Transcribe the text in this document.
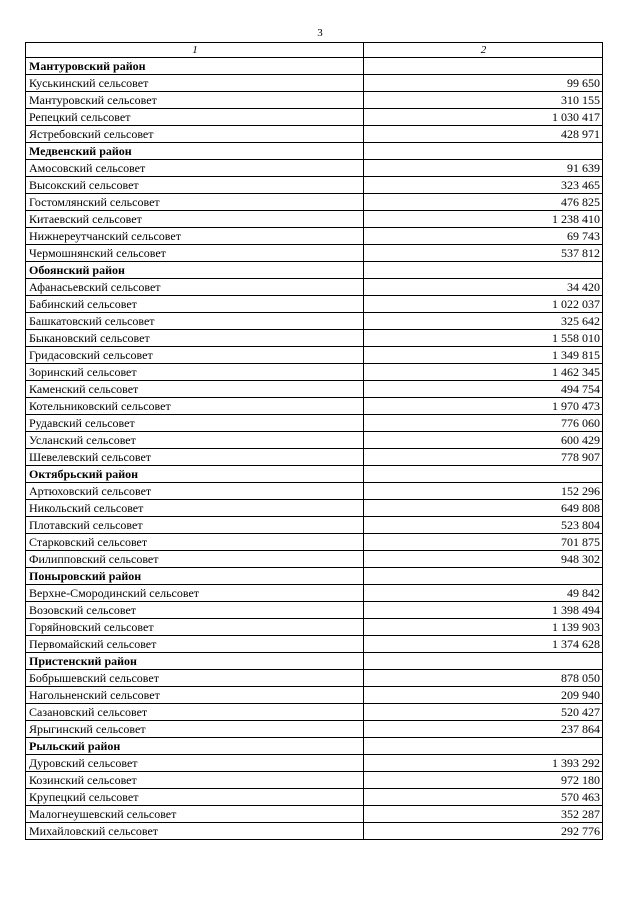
3
1	2
Мантуровский район	
Куськинский сельсовет	99 650
Мантуровский сельсовет	310 155
Репецкий сельсовет	1 030 417
Ястребовский сельсовет	428 971
Медвенский район	
Амосовский сельсовет	91 639
Высокский сельсовет	323 465
Гостомлянский сельсовет	476 825
Китаевский сельсовет	1 238 410
Нижнереутчанский сельсовет	69 743
Чермошнянский сельсовет	537 812
Обоянский район	
Афанасьевский сельсовет	34 420
Бабинский сельсовет	1 022 037
Башкатовский сельсовет	325 642
Быкановский сельсовет	1 558 010
Гридасовский сельсовет	1 349 815
Зоринский сельсовет	1 462 345
Каменский сельсовет	494 754
Котельниковский сельсовет	1 970 473
Рудавский сельсовет	776 060
Усланский сельсовет	600 429
Шевелевский сельсовет	778 907
Октябрьский район	
Артюховский сельсовет	152 296
Никольский сельсовет	649 808
Плотавский сельсовет	523 804
Старковский сельсовет	701 875
Филипповский сельсовет	948 302
Поныровский район	
Верхне-Смородинский сельсовет	49 842
Возовский сельсовет	1 398 494
Горяйновский сельсовет	1 139 903
Первомайский сельсовет	1 374 628
Пристенский район	
Бобрышевский сельсовет	878 050
Нагольненский сельсовет	209 940
Сазановский сельсовет	520 427
Ярыгинский сельсовет	237 864
Рыльский район	
Дуровский сельсовет	1 393 292
Козинский сельсовет	972 180
Крупецкий сельсовет	570 463
Малогнеушевский сельсовет	352 287
Михайловский сельсовет	292 776
